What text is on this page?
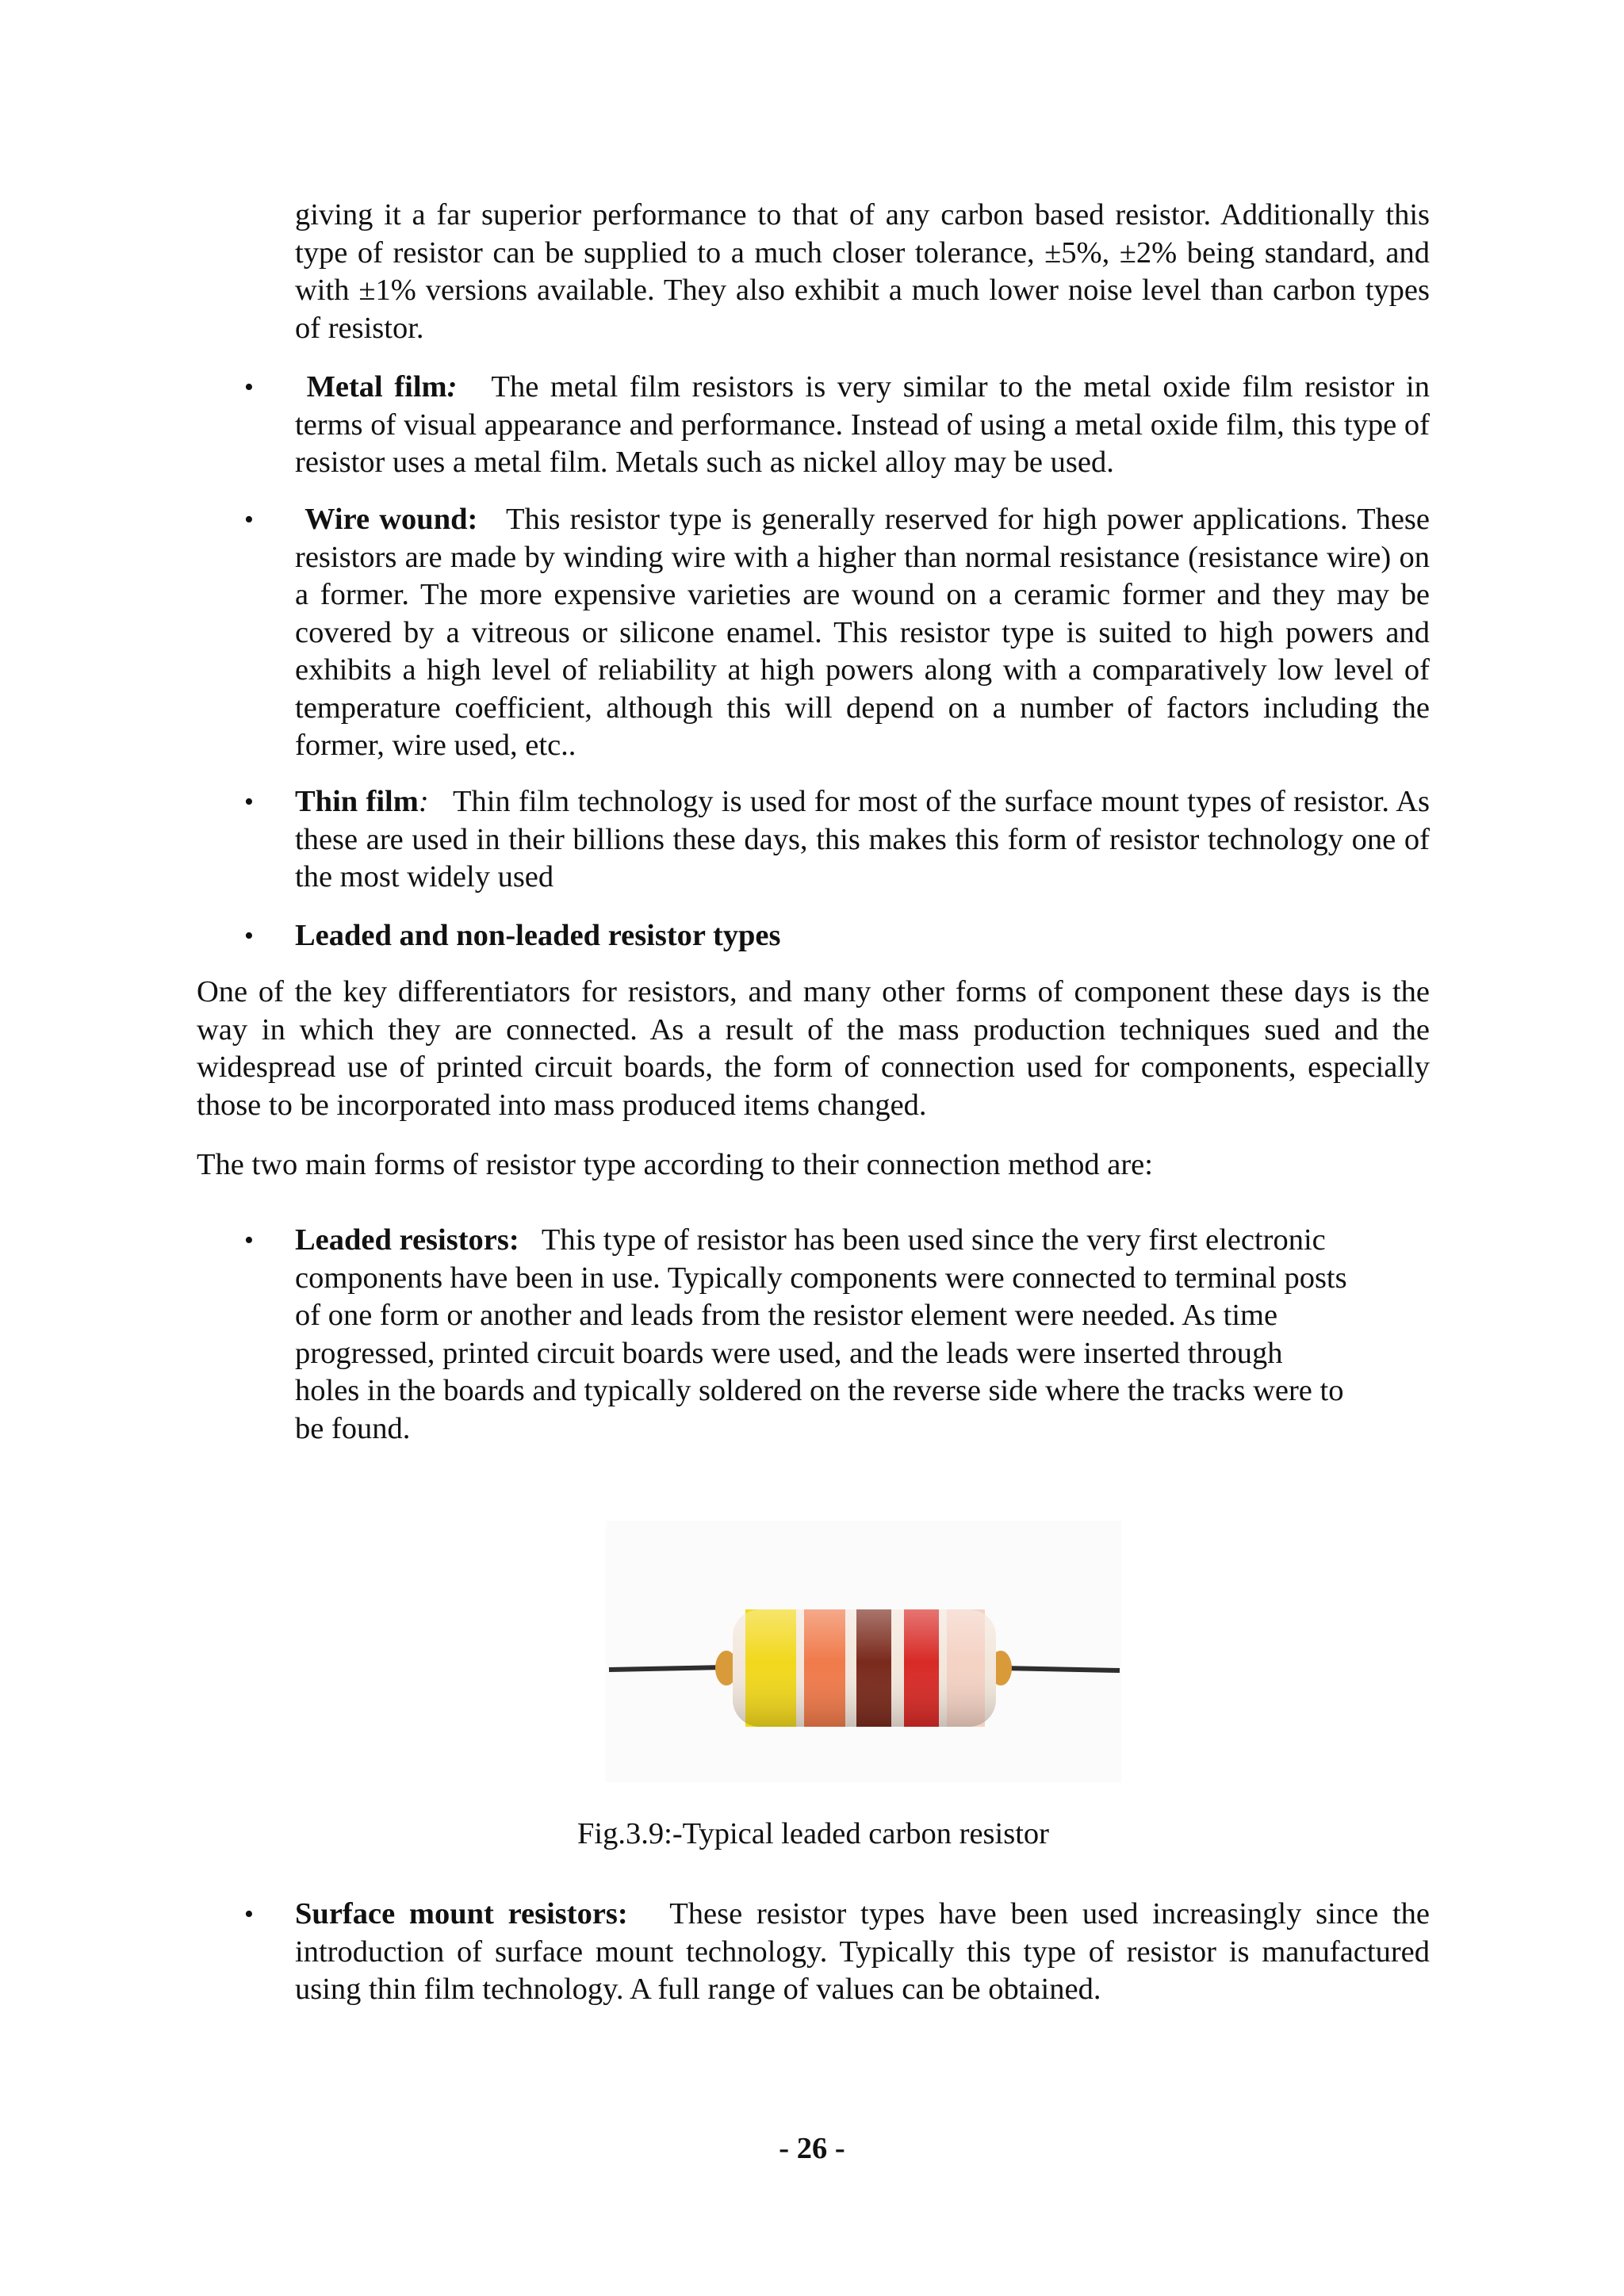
giving it a far superior performance to that of any carbon based resistor. Additionally this type of resistor can be supplied to a much closer tolerance, ±5%, ±2% being standard, and with ±1% versions available. They also exhibit a much lower noise level than carbon types of resistor.
•	Metal film: The metal film resistors is very similar to the metal oxide film resistor in terms of visual appearance and performance. Instead of using a metal oxide film, this type of resistor uses a metal film. Metals such as nickel alloy may be used.
•	Wire wound: This resistor type is generally reserved for high power applications. These resistors are made by winding wire with a higher than normal resistance (resistance wire) on a former. The more expensive varieties are wound on a ceramic former and they may be covered by a vitreous or silicone enamel. This resistor type is suited to high powers and exhibits a high level of reliability at high powers along with a comparatively low level of temperature coefficient, although this will depend on a number of factors including the former, wire used, etc..
• Thin film: Thin film technology is used for most of the surface mount types of resistor. As these are used in their billions these days, this makes this form of resistor technology one of the most widely used
• Leaded and non-leaded resistor types
One of the key differentiators for resistors, and many other forms of component these days is the way in which they are connected. As a result of the mass production techniques sued and the widespread use of printed circuit boards, the form of connection used for components, especially those to be incorporated into mass produced items changed.
The two main forms of resistor type according to their connection method are:
• Leaded resistors: This type of resistor has been used since the very first electronic
components have been in use. Typically components were connected to terminal posts
of one form or another and leads from the resistor element were needed. As time
progressed, printed circuit boards were used, and the leads were inserted through
holes in the boards and typically soldered on the reverse side where the tracks were to
be found.
Fig.3.9:-Typical leaded carbon resistor
• Surface mount resistors: These resistor types have been used increasingly since the introduction of surface mount technology. Typically this type of resistor is manufactured using thin film technology. A full range of values can be obtained.
- 26 -
